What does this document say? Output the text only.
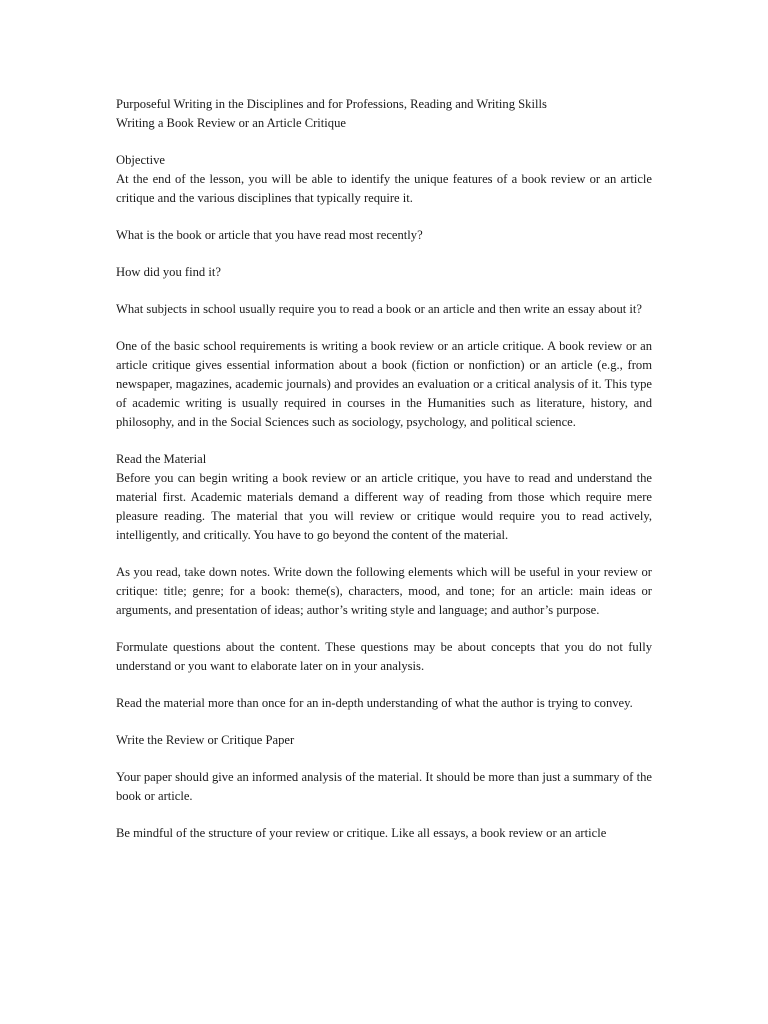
Purposeful Writing in the Disciplines and for Professions, Reading and Writing Skills
Writing a Book Review or an Article Critique
Objective
At the end of the lesson, you will be able to identify the unique features of a book review or an article critique and the various disciplines that typically require it.

What is the book or article that you have read most recently?

How did you find it?

What subjects in school usually require you to read a book or an article and then write an essay about it?

One of the basic school requirements is writing a book review or an article critique. A book review or an article critique gives essential information about a book (fiction or nonfiction) or an article (e.g., from newspaper, magazines, academic journals) and provides an evaluation or a critical analysis of it. This type of academic writing is usually required in courses in the Humanities such as literature, history, and philosophy, and in the Social Sciences such as sociology, psychology, and political science.

Read the Material
Before you can begin writing a book review or an article critique, you have to read and understand the material first. Academic materials demand a different way of reading from those which require mere pleasure reading. The material that you will review or critique would require you to read actively, intelligently, and critically. You have to go beyond the content of the material.

As you read, take down notes. Write down the following elements which will be useful in your review or critique: title; genre; for a book: theme(s), characters, mood, and tone; for an article: main ideas or arguments, and presentation of ideas; author’s writing style and language; and author’s purpose.

Formulate questions about the content. These questions may be about concepts that you do not fully understand or you want to elaborate later on in your analysis.

Read the material more than once for an in-depth understanding of what the author is trying to convey.

Write the Review or Critique Paper

Your paper should give an informed analysis of the material. It should be more than just a summary of the book or article.

Be mindful of the structure of your review or critique. Like all essays, a book review or an article
